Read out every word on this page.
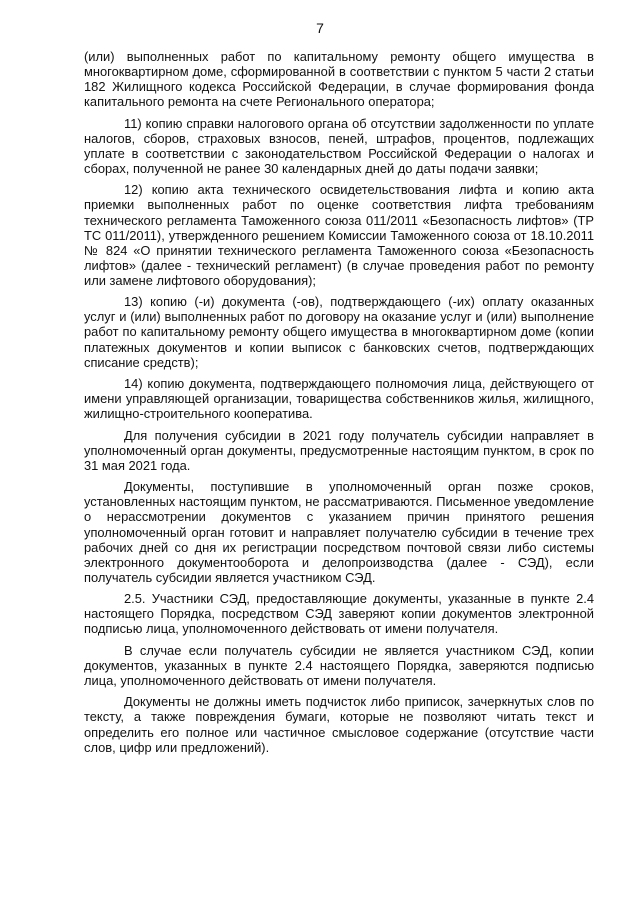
7

(или) выполненных работ по капитальному ремонту общего имущества в многоквартирном доме, сформированной в соответствии с пунктом 5 части 2 статьи 182 Жилищного кодекса Российской Федерации, в случае формирования фонда капитального ремонта на счете Регионального оператора;

11) копию справки налогового органа об отсутствии задолженности по уплате налогов, сборов, страховых взносов, пеней, штрафов, процентов, подлежащих уплате в соответствии с законодательством Российской Федерации о налогах и сборах, полученной не ранее 30 календарных дней до даты подачи заявки;

12) копию акта технического освидетельствования лифта и копию акта приемки выполненных работ по оценке соответствия лифта требованиям технического регламента Таможенного союза 011/2011 «Безопасность лифтов» (ТР ТС 011/2011), утвержденного решением Комиссии Таможенного союза от 18.10.2011 № 824 «О принятии технического регламента Таможенного союза «Безопасность лифтов» (далее - технический регламент) (в случае проведения работ по ремонту или замене лифтового оборудования);

13) копию (-и) документа (-ов), подтверждающего (-их) оплату оказанных услуг и (или) выполненных работ по договору на оказание услуг и (или) выполнение работ по капитальному ремонту общего имущества в многоквартирном доме (копии платежных документов и копии выписок с банковских счетов, подтверждающих списание средств);

14) копию документа, подтверждающего полномочия лица, действующего от имени управляющей организации, товарищества собственников жилья, жилищного, жилищно-строительного кооператива.

Для получения субсидии в 2021 году получатель субсидии направляет в уполномоченный орган документы, предусмотренные настоящим пунктом, в срок по 31 мая 2021 года.

Документы, поступившие в уполномоченный орган позже сроков, установленных настоящим пунктом, не рассматриваются. Письменное уведомление о нерассмотрении документов с указанием причин принятого решения уполномоченный орган готовит и направляет получателю субсидии в течение трех рабочих дней со дня их регистрации посредством почтовой связи либо системы электронного документооборота и делопроизводства (далее - СЭД), если получатель субсидии является участником СЭД.

2.5. Участники СЭД, предоставляющие документы, указанные в пункте 2.4 настоящего Порядка, посредством СЭД заверяют копии документов электронной подписью лица, уполномоченного действовать от имени получателя.

В случае если получатель субсидии не является участником СЭД, копии документов, указанных в пункте 2.4 настоящего Порядка, заверяются подписью лица, уполномоченного действовать от имени получателя.

Документы не должны иметь подчисток либо приписок, зачеркнутых слов по тексту, а также повреждения бумаги, которые не позволяют читать текст и определить его полное или частичное смысловое содержание (отсутствие части слов, цифр или предложений).
